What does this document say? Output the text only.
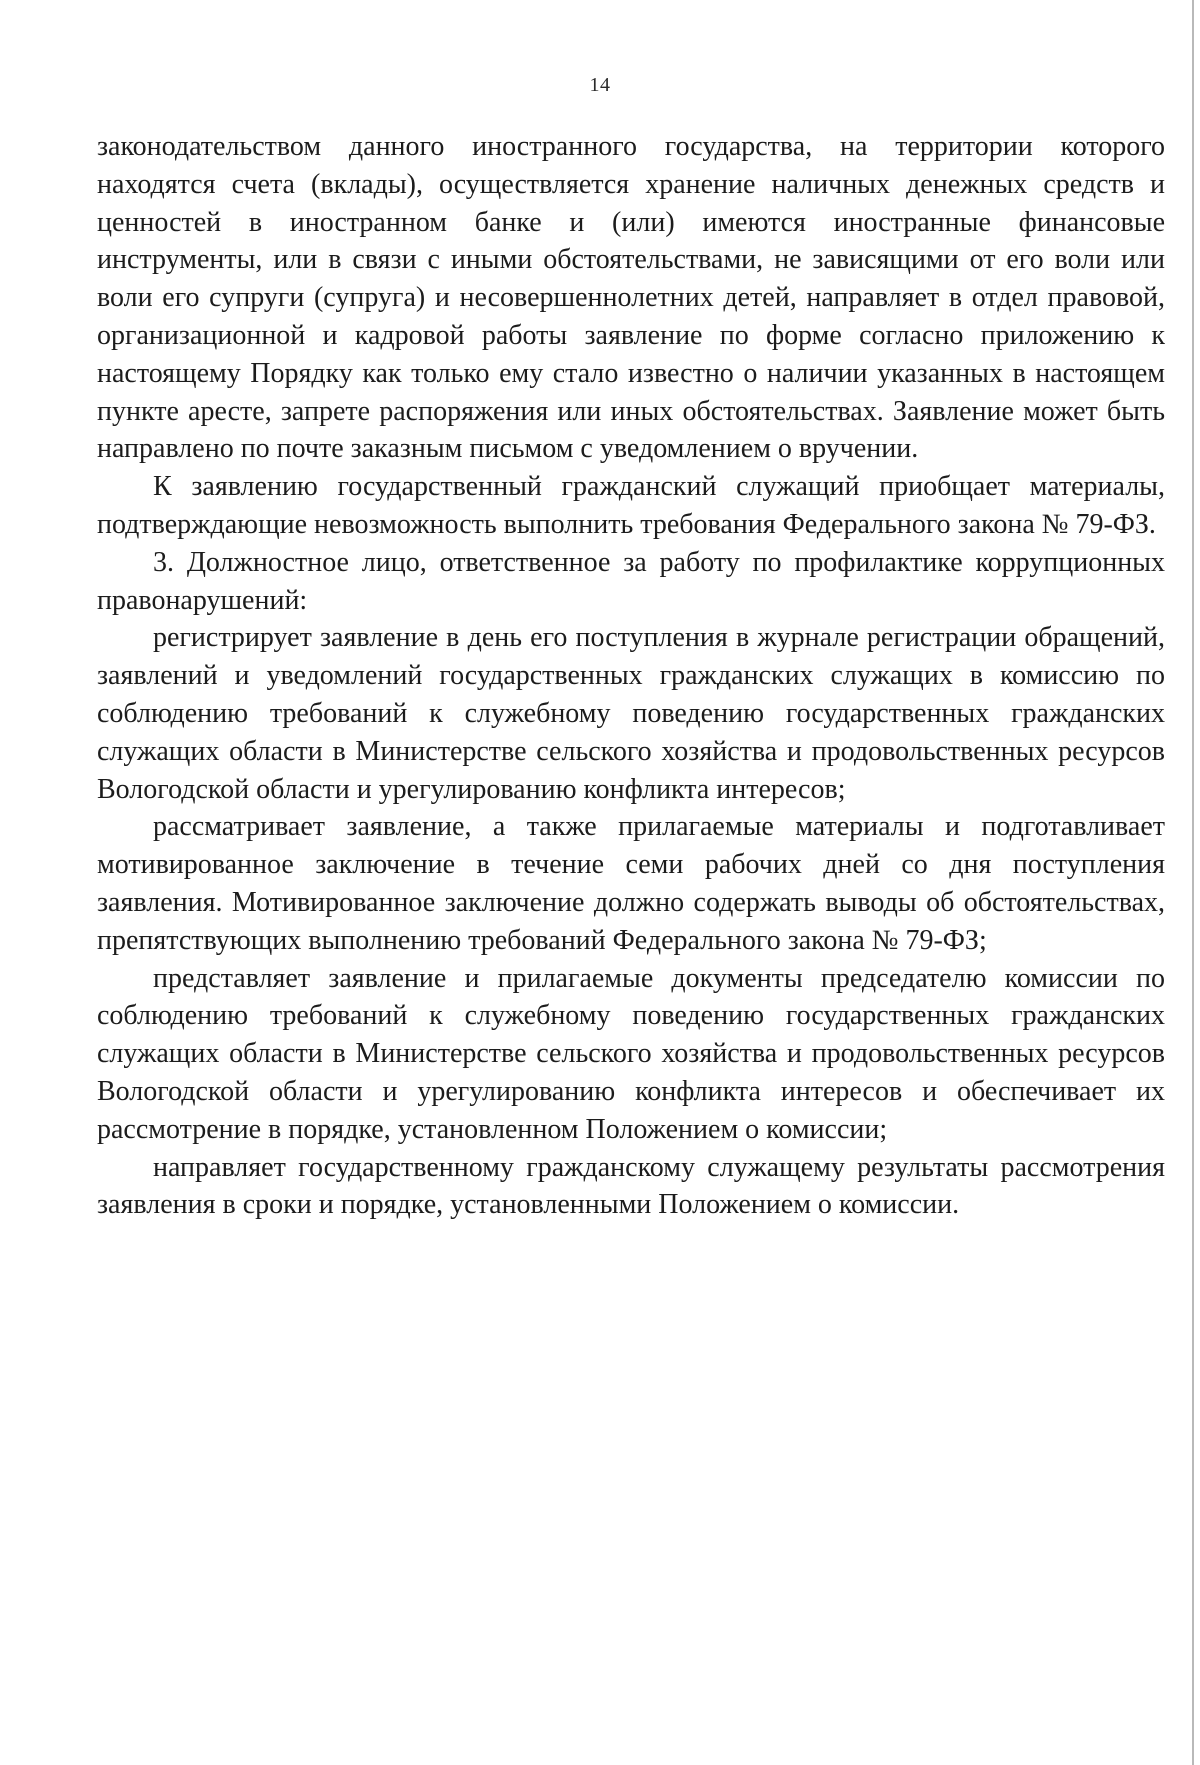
14

законодательством данного иностранного государства, на территории которого находятся счета (вклады), осуществляется хранение наличных денежных средств и ценностей в иностранном банке и (или) имеются иностранные финансовые инструменты, или в связи с иными обстоятельствами, не зависящими от его воли или воли его супруги (супруга) и несовершеннолетних детей, направляет в отдел правовой, организационной и кадровой работы заявление по форме согласно приложению к настоящему Порядку как только ему стало известно о наличии указанных в настоящем пункте аресте, запрете распоряжения или иных обстоятельствах. Заявление может быть направлено по почте заказным письмом с уведомлением о вручении.

К заявлению государственный гражданский служащий приобщает материалы, подтверждающие невозможность выполнить требования Федерального закона № 79-ФЗ.

3. Должностное лицо, ответственное за работу по профилактике коррупционных правонарушений:

регистрирует заявление в день его поступления в журнале регистрации обращений, заявлений и уведомлений государственных гражданских служащих в комиссию по соблюдению требований к служебному поведению государственных гражданских служащих области в Министерстве сельского хозяйства и продовольственных ресурсов Вологодской области и урегулированию конфликта интересов;

рассматривает заявление, а также прилагаемые материалы и подготавливает мотивированное заключение в течение семи рабочих дней со дня поступления заявления. Мотивированное заключение должно содержать выводы об обстоятельствах, препятствующих выполнению требований Федерального закона № 79-ФЗ;

представляет заявление и прилагаемые документы председателю комиссии по соблюдению требований к служебному поведению государственных гражданских служащих области в Министерстве сельского хозяйства и продовольственных ресурсов Вологодской области и урегулированию конфликта интересов и обеспечивает их рассмотрение в порядке, установленном Положением о комиссии;

направляет государственному гражданскому служащему результаты рассмотрения заявления в сроки и порядке, установленными Положением о комиссии.
